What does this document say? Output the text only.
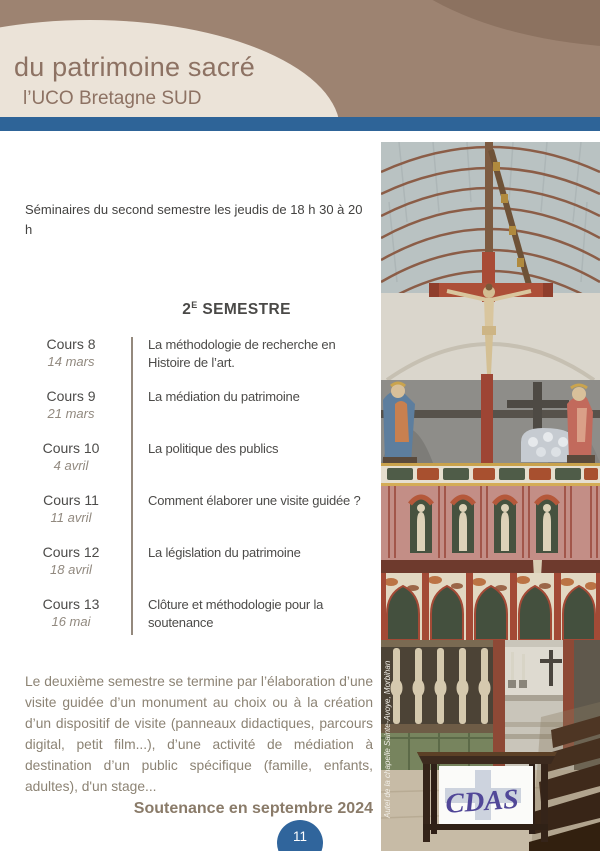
du patrimoine sacré
l’UCO Bretagne SUD

Séminaires du second semestre les jeudis de 18 h 30 à 20 h

$2^E$ SEMESTRE
Cours 8
14 mars
La méthodologie de recherche en Histoire de l’art.
Cours 9
21 mars
La médiation du patrimoine
Cours 10
4 avril
La politique des publics
Cours 11
11 avril
Comment élaborer une visite guidée ?
Cours 12
18 avril
La législation du patrimoine
Cours 13
16 mai
Clôture et méthodologie pour la soutenance

Le deuxième semestre se termine par l’élaboration d’une visite guidée d’un monument au choix ou à la création d’un dispositif de visite (panneaux didactiques, parcours digital, petit film...), d’une activité de médiation à destination d’un public spécifique (famille, enfants, adultes), d'un stage...

Soutenance en septembre 2024

11
CDAS
Autel de la chapelle Sainte-Avoye, Morbihan
